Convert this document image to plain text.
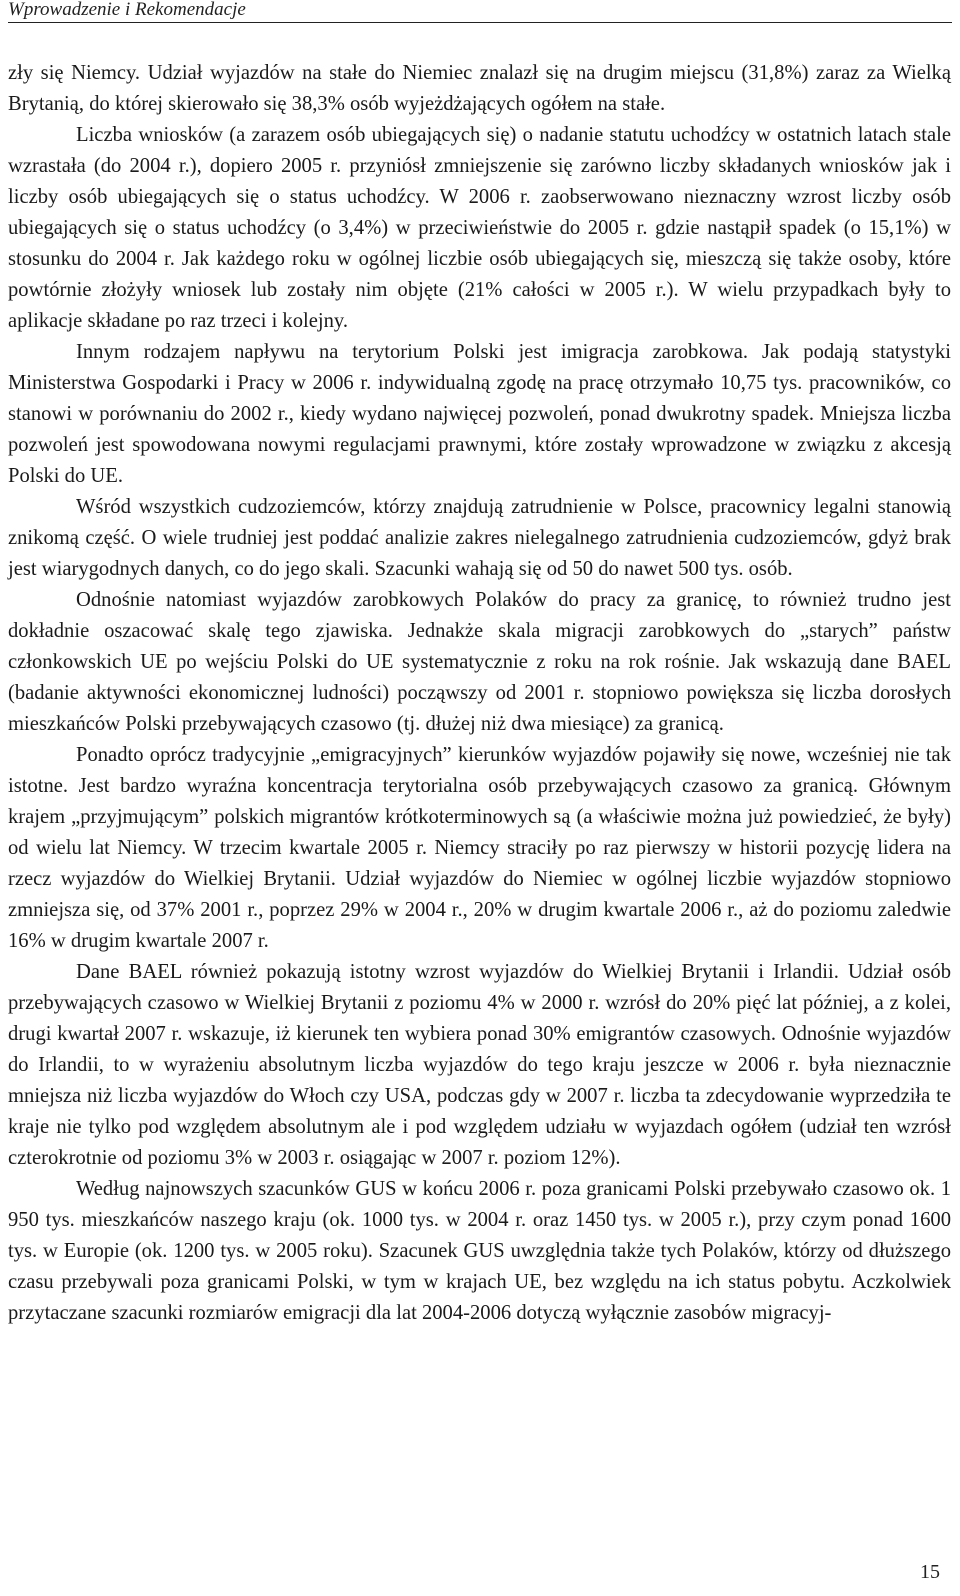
Wprowadzenie i Rekomendacje

zły się Niemcy. Udział wyjazdów na stałe do Niemiec znalazł się na drugim miejscu (31,8%) zaraz za Wielką Brytanią, do której skierowało się 38,3% osób wyjeżdżających ogółem na stałe.

Liczba wniosków (a zarazem osób ubiegających się) o nadanie statutu uchodźcy w ostatnich latach stale wzrastała (do 2004 r.), dopiero 2005 r. przyniósł zmniejszenie się zarówno liczby składanych wniosków jak i liczby osób ubiegających się o status uchodźcy. W 2006 r. zaobserwowano nieznaczny wzrost liczby osób ubiegających się o status uchodźcy (o 3,4%) w przeciwieństwie do 2005 r. gdzie nastąpił spadek (o 15,1%) w stosunku do 2004 r. Jak każdego roku w ogólnej liczbie osób ubiegających się, mieszczą się także osoby, które powtórnie złożyły wniosek lub zostały nim objęte (21% całości w 2005 r.). W wielu przypadkach były to aplikacje składane po raz trzeci i kolejny.

Innym rodzajem napływu na terytorium Polski jest imigracja zarobkowa. Jak podają statystyki Ministerstwa Gospodarki i Pracy w 2006 r. indywidualną zgodę na pracę otrzymało 10,75 tys. pracowników, co stanowi w porównaniu do 2002 r., kiedy wydano najwięcej pozwoleń, ponad dwukrotny spadek. Mniejsza liczba pozwoleń jest spowodowana nowymi regulacjami prawnymi, które zostały wprowadzone w związku z akcesją Polski do UE.

Wśród wszystkich cudzoziemców, którzy znajdują zatrudnienie w Polsce, pracownicy legalni stanowią znikomą część. O wiele trudniej jest poddać analizie zakres nielegalnego zatrudnienia cudzoziemców, gdyż brak jest wiarygodnych danych, co do jego skali. Szacunki wahają się od 50 do nawet 500 tys. osób.

Odnośnie natomiast wyjazdów zarobkowych Polaków do pracy za granicę, to również trudno jest dokładnie oszacować skalę tego zjawiska. Jednakże skala migracji zarobkowych do „starych” państw członkowskich UE po wejściu Polski do UE systematycznie z roku na rok rośnie. Jak wskazują dane BAEL (badanie aktywności ekonomicznej ludności) począwszy od 2001 r. stopniowo powiększa się liczba dorosłych mieszkańców Polski przebywających czasowo (tj. dłużej niż dwa miesiące) za granicą.

Ponadto oprócz tradycyjnie „emigracyjnych” kierunków wyjazdów pojawiły się nowe, wcześniej nie tak istotne. Jest bardzo wyraźna koncentracja terytorialna osób przebywających czasowo za granicą. Głównym krajem „przyjmującym” polskich migrantów krótkoterminowych są (a właściwie można już powiedzieć, że były) od wielu lat Niemcy. W trzecim kwartale 2005 r. Niemcy straciły po raz pierwszy w historii pozycję lidera na rzecz wyjazdów do Wielkiej Brytanii. Udział wyjazdów do Niemiec w ogólnej liczbie wyjazdów stopniowo zmniejsza się, od 37% 2001 r., poprzez 29% w 2004 r., 20% w drugim kwartale 2006 r., aż do poziomu zaledwie 16% w drugim kwartale 2007 r.

Dane BAEL również pokazują istotny wzrost wyjazdów do Wielkiej Brytanii i Irlandii. Udział osób przebywających czasowo w Wielkiej Brytanii z poziomu 4% w 2000 r. wzrósł do 20% pięć lat później, a z kolei, drugi kwartał 2007 r. wskazuje, iż kierunek ten wybiera ponad 30% emigrantów czasowych. Odnośnie wyjazdów do Irlandii, to w wyrażeniu absolutnym liczba wyjazdów do tego kraju jeszcze w 2006 r. była nieznacznie mniejsza niż liczba wyjazdów do Włoch czy USA, podczas gdy w 2007 r. liczba ta zdecydowanie wyprzedziła te kraje nie tylko pod względem absolutnym ale i pod względem udziału w wyjazdach ogółem (udział ten wzrósł czterokrotnie od poziomu 3% w 2003 r. osiągając w 2007 r. poziom 12%).

Według najnowszych szacunków GUS w końcu 2006 r. poza granicami Polski przebywało czasowo ok. 1 950 tys. mieszkańców naszego kraju (ok. 1000 tys. w 2004 r. oraz 1450 tys. w 2005 r.), przy czym ponad 1600 tys. w Europie (ok. 1200 tys. w 2005 roku). Szacunek GUS uwzględnia także tych Polaków, którzy od dłuższego czasu przebywali poza granicami Polski, w tym w krajach UE, bez względu na ich status pobytu. Aczkolwiek przytaczane szacunki rozmiarów emigracji dla lat 2004-2006 dotyczą wyłącznie zasobów migracyj-

15
